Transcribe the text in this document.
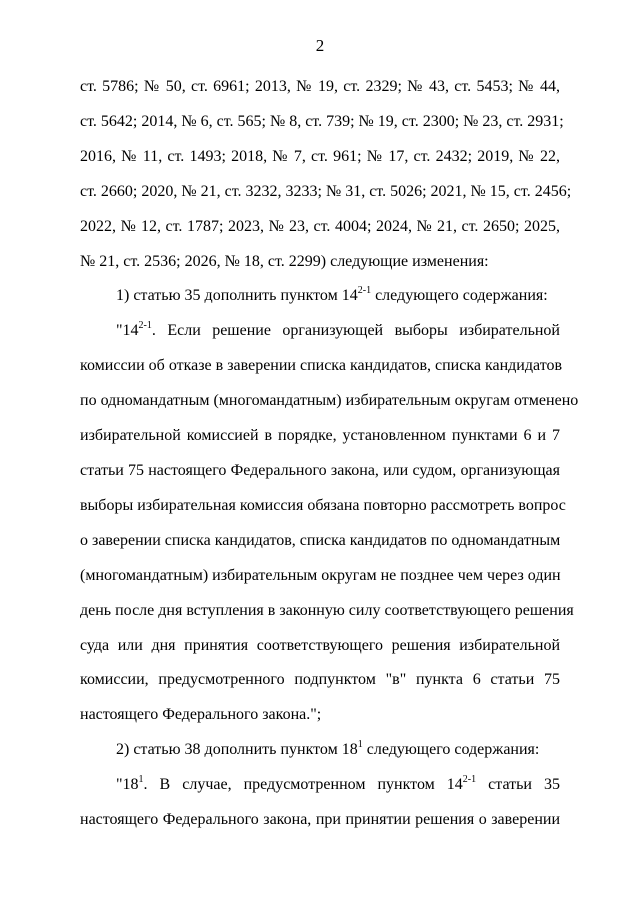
2
ст. 5786; № 50, ст. 6961; 2013, № 19, ст. 2329; № 43, ст. 5453; № 44,
ст. 5642; 2014, № 6, ст. 565; № 8, ст. 739; № 19, ст. 2300; № 23, ст. 2931;
2016, № 11, ст. 1493; 2018, № 7, ст. 961; № 17, ст. 2432; 2019, № 22,
ст. 2660; 2020, № 21, ст. 3232, 3233; № 31, ст. 5026; 2021, № 15, ст. 2456;
2022, № 12, ст. 1787; 2023, № 23, ст. 4004; 2024, № 21, ст. 2650; 2025,
№ 21, ст. 2536; 2026, № 18, ст. 2299) следующие изменения:
1) статью 35 дополнить пунктом 14$^{2-1}$ следующего содержания:
"14$^{2-1}$. Если решение организующей выборы избирательной
комиссии об отказе в заверении списка кандидатов, списка кандидатов
по одномандатным (многомандатным) избирательным округам отменено
избирательной комиссией в порядке, установленном пунктами 6 и 7
статьи 75 настоящего Федерального закона, или судом, организующая
выборы избирательная комиссия обязана повторно рассмотреть вопрос
о заверении списка кандидатов, списка кандидатов по одномандатным
(многомандатным) избирательным округам не позднее чем через один
день после дня вступления в законную силу соответствующего решения
суда или дня принятия соответствующего решения избирательной
комиссии, предусмотренного подпунктом "в" пункта 6 статьи 75
настоящего Федерального закона.";
2) статью 38 дополнить пунктом $18^1$ следующего содержания:
"$18^1$. В случае, предусмотренном пунктом 14$^{2-1}$ статьи 35
настоящего Федерального закона, при принятии решения о заверении
